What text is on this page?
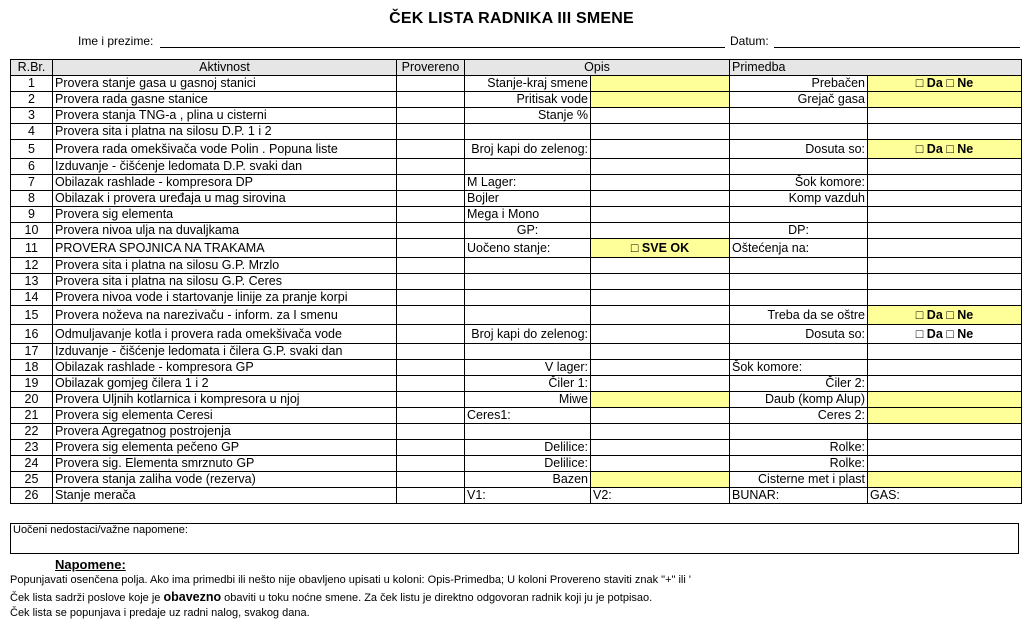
ČEK LISTA RADNIKA III SMENE
Ime i prezime:	Datum:
R.Br.	Aktivnost	Provereno	Opis		Primedba	
1	Provera stanje gasa u gasnoj stanici		Stanje-kraj smene		Prebačen	□ Da □ Ne
2	Provera rada gasne stanice		Pritisak vode		Grejač gasa	
3	Provera stanja TNG-a , plina u cisterni		Stanje %			
4	Provera sita i platna na silosu D.P. 1 i 2					
5	Provera rada omekšivača vode Polin . Popuna liste		Broj kapi do zelenog:		Dosuta so:	□ Da □ Ne
6	Izduvanje - čišćenje ledomata D.P. svaki dan					
7	Obilazak rashlade - kompresora DP		M Lager:		Šok komore:	
8	Obilazak i provera uređaja u mag sirovina		Bojler		Komp vazduh	
9	Provera sig elementa		Mega i Mono			
10	Provera nivoa ulja na duvaljkama		GP:		DP:	
11	PROVERA SPOJNICA NA TRAKAMA		Uočeno stanje:	□ SVE OK	Oštećenja na:	
12	Provera sita i platna na silosu G.P. Mrzlo					
13	Provera sita i platna na silosu G.P. Ceres					
14	Provera nivoa vode i startovanje linije za pranje korpi					
15	Provera noževa na narezivaču - inform. za I smenu				Treba da se oštre	□ Da □ Ne
16	Odmuljavanje kotla i provera rada omekšivača vode		Broj kapi do zelenog:		Dosuta so:	□ Da □ Ne
17	Izduvanje - čišćenje ledomata i čilera G.P. svaki dan					
18	Obilazak rashlade - kompresora GP		V lager:		Šok komore:	
19	Obilazak gomjeg čilera 1 i 2		Čiler 1:		Čiler 2:	
20	Provera Uljnih kotlarnica i kompresora u njoj		Miwe		Daub (komp Alup)	
21	Provera sig elementa Ceresi		Ceres1:		Ceres 2:	
22	Provera Agregatnog postrojenja					
23	Provera sig elementa pečeno GP		Delilice:		Rolke:	
24	Provera sig. Elementa smrznuto GP		Delilice:		Rolke:	
25	Provera stanja zaliha vode (rezerva)		Bazen		Cisterne met i plast	
26	Stanje merača		V1:	V2:	BUNAR:	GAS:
Uočeni nedostaci/važne napomene:
Napomene:
Popunjavati osenčena polja. Ako ima primedbi ili nešto nije obavljeno upisati u koloni: Opis-Primedba; U koloni Provereno staviti znak "+" ili '
Ček lista sadrži poslove koje je obavezno obaviti u toku noćne smene. Za ček listu je direktno odgovoran radnik koji ju je potpisao.
Ček lista se popunjava i predaje uz radni nalog, svakog dana.
